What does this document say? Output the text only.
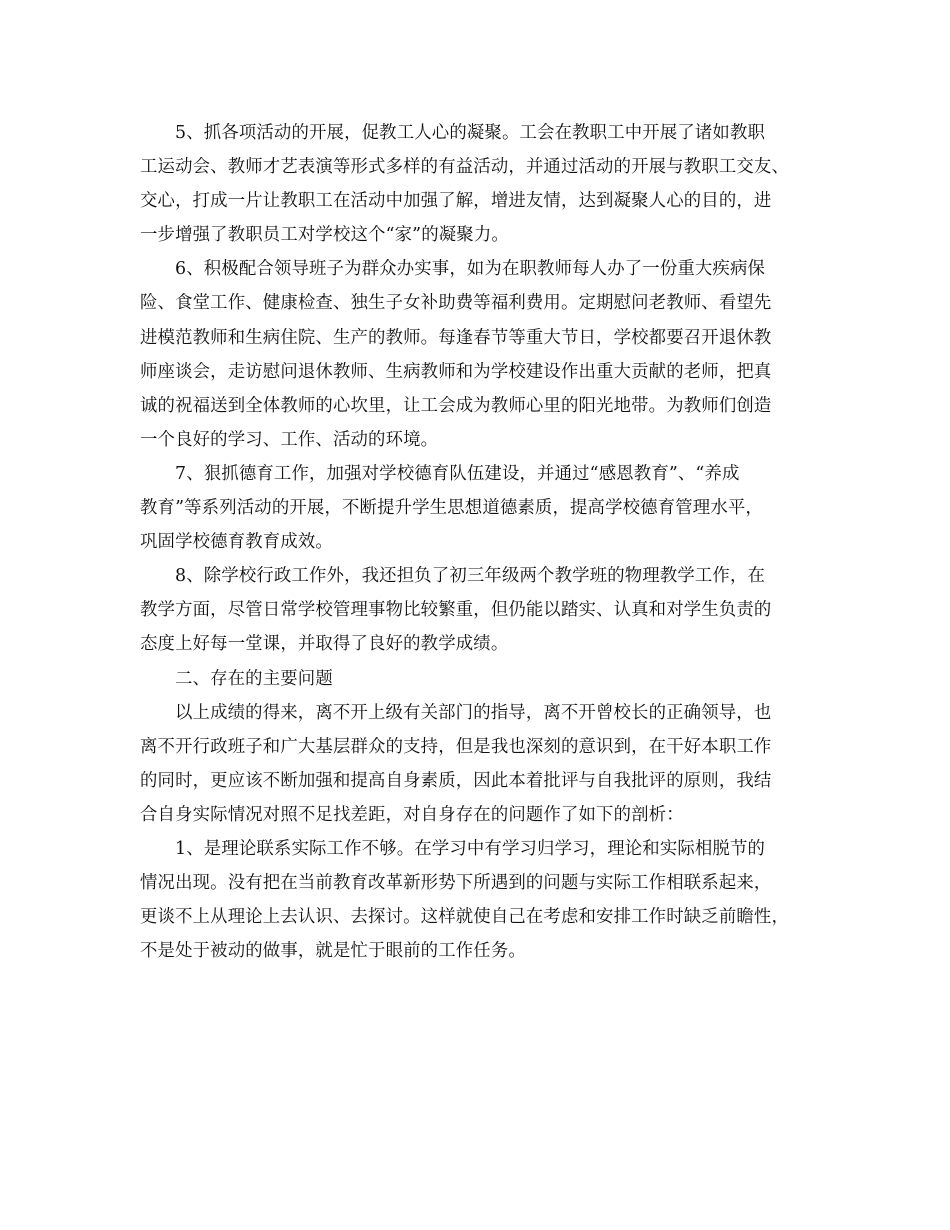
5、抓各项活动的开展，促教工人心的凝聚。工会在教职工中开展了诸如教职
工运动会、教师才艺表演等形式多样的有益活动，并通过活动的开展与教职工交友、
交心，打成一片让教职工在活动中加强了解，增进友情，达到凝聚人心的目的，进
一步增强了教职员工对学校这个“家”的凝聚力。
6、积极配合领导班子为群众办实事，如为在职教师每人办了一份重大疾病保
险、食堂工作、健康检查、独生子女补助费等福利费用。定期慰问老教师、看望先
进模范教师和生病住院、生产的教师。每逢春节等重大节日，学校都要召开退休教
师座谈会，走访慰问退休教师、生病教师和为学校建设作出重大贡献的老师，把真
诚的祝福送到全体教师的心坎里，让工会成为教师心里的阳光地带。为教师们创造
一个良好的学习、工作、活动的环境。
7、狠抓德育工作，加强对学校德育队伍建设，并通过“感恩教育”、“养成
教育”等系列活动的开展，不断提升学生思想道德素质，提高学校德育管理水平，
巩固学校德育教育成效。
8、除学校行政工作外，我还担负了初三年级两个教学班的物理教学工作，在
教学方面，尽管日常学校管理事物比较繁重，但仍能以踏实、认真和对学生负责的
态度上好每一堂课，并取得了良好的教学成绩。
二、存在的主要问题
以上成绩的得来，离不开上级有关部门的指导，离不开曾校长的正确领导，也
离不开行政班子和广大基层群众的支持，但是我也深刻的意识到，在干好本职工作
的同时，更应该不断加强和提高自身素质，因此本着批评与自我批评的原则，我结
合自身实际情况对照不足找差距，对自身存在的问题作了如下的剖析：
1、是理论联系实际工作不够。在学习中有学习归学习，理论和实际相脱节的
情况出现。没有把在当前教育改革新形势下所遇到的问题与实际工作相联系起来，
更谈不上从理论上去认识、去探讨。这样就使自己在考虑和安排工作时缺乏前瞻性，
不是处于被动的做事，就是忙于眼前的工作任务。
